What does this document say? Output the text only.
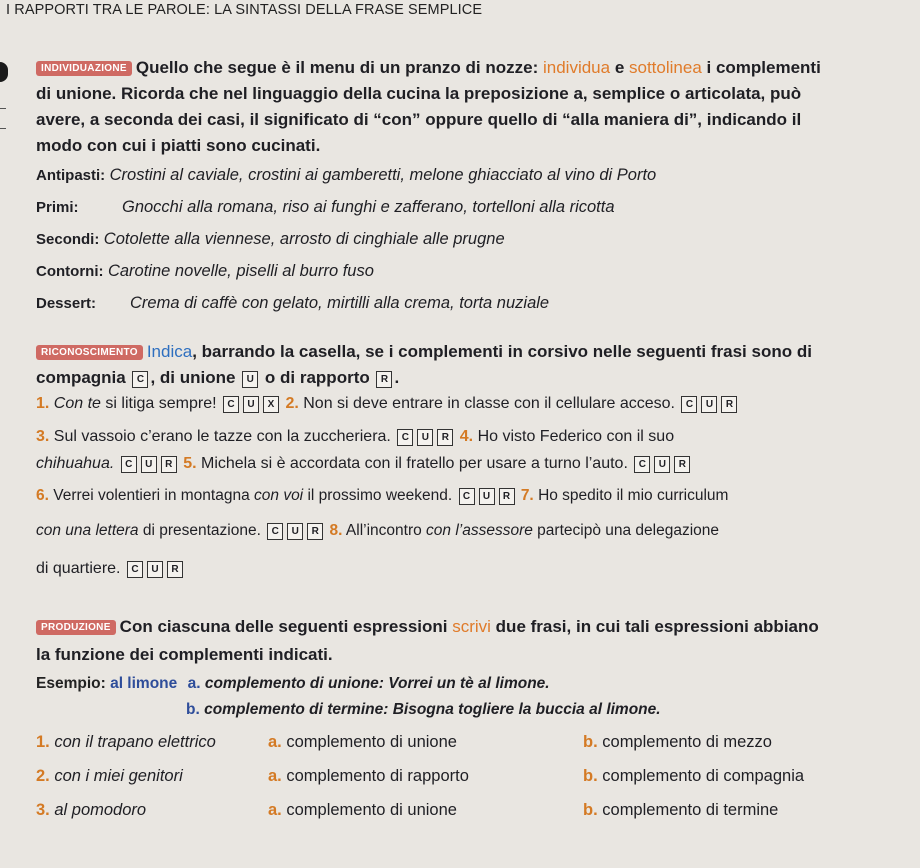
I RAPPORTI TRA LE PAROLE: LA SINTASSI DELLA FRASE SEMPLICE
INDIVIDUAZIONE Quello che segue è il menu di un pranzo di nozze: individua e sottolinea i complementi
di unione. Ricorda che nel linguaggio della cucina la preposizione a, semplice o articolata, può
avere, a seconda dei casi, il significato di “con” oppure quello di “alla maniera di”, indicando il
modo con cui i piatti sono cucinati.
Antipasti: Crostini al caviale, crostini ai gamberetti, melone ghiacciato al vino di Porto
Primi:	Gnocchi alla romana, riso ai funghi e zafferano, tortelloni alla ricotta
Secondi: Cotolette alla viennese, arrosto di cinghiale alle prugne
Contorni: Carotine novelle, piselli al burro fuso
Dessert: Crema di caffè con gelato, mirtilli alla crema, torta nuziale
RICONOSCIMENTO Indica, barrando la casella, se i complementi in corsivo nelle seguenti frasi sono di
compagnia C , di unione U o di rapporto R .
1. Con te si litiga sempre! C U X 2. Non si deve entrare in classe con il cellulare acceso. C U R
3. Sul vassoio c’erano le tazze con la zuccheriera. C U R 4. Ho visto Federico con il suo
chihuahua. C U R 5. Michela si è accordata con il fratello per usare a turno l’auto. C U R
6. Verrei volentieri in montagna con voi il prossimo weekend. C U R 7. Ho spedito il mio curriculum
con una lettera di presentazione. C U R 8. All’incontro con l’assessore partecipò una delegazione
di quartiere. C U R
PRODUZIONE Con ciascuna delle seguenti espressioni scrivi due frasi, in cui tali espressioni abbiano
la funzione dei complementi indicati.
Esempio: al limone a. complemento di unione: Vorrei un tè al limone.
b. complemento di termine: Bisogna togliere la buccia al limone.
1. con il trapano elettrico	a. complemento di unione	b. complemento di mezzo
2. con i miei genitori	a. complemento di rapporto	b. complemento di compagnia
3. al pomodoro	a. complemento di unione	b. complemento di termine
